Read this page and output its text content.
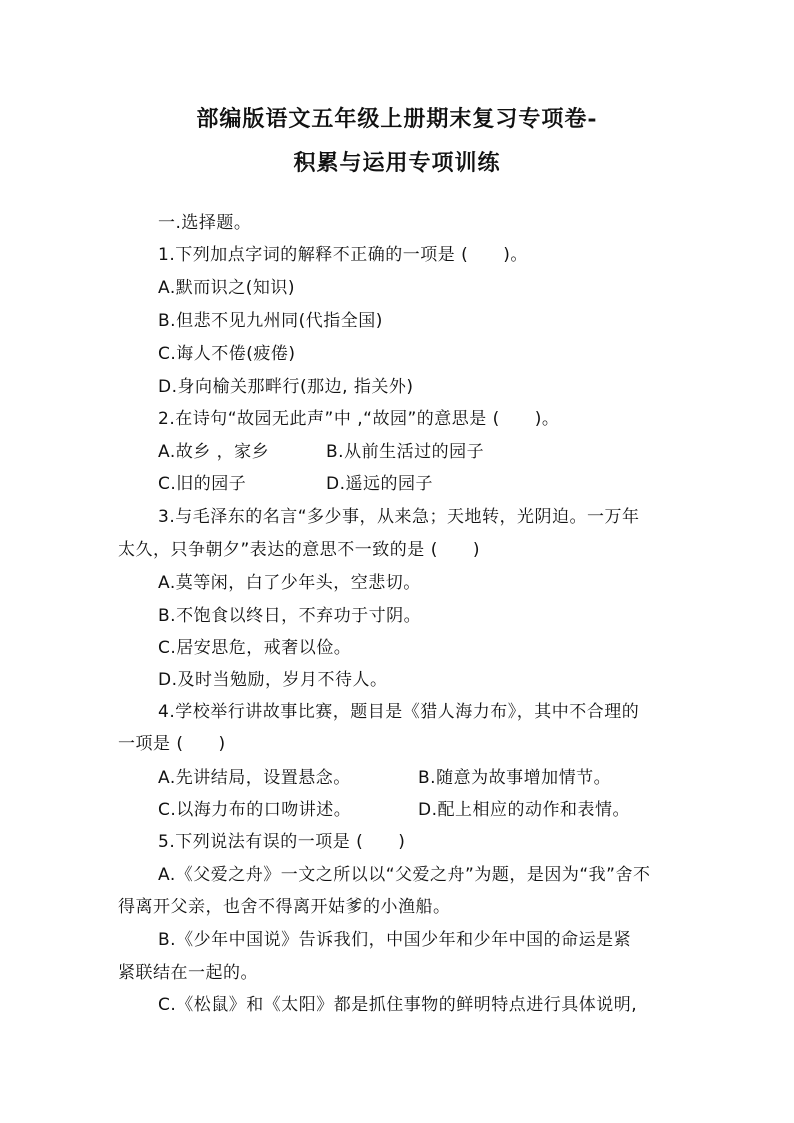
部编版语文五年级上册期末复习专项卷-
积累与运用专项训练
一.选择题。
1.下列加点字词的解释不正确的一项是 (　　)。
A.默而识之(知识)
B.但悲不见九州同(代指全国)
C.诲人不倦(疲倦)
D.身向榆关那畔行(那边, 指关外)
2.在诗句“故园无此声”中 ,“故园”的意思是 (　　)。
A.故乡 ，家乡	B.从前生活过的园子
C.旧的园子	D.遥远的园子
3.与毛泽东的名言“多少事，从来急；天地转，光阴迫。一万年
太久，只争朝夕”表达的意思不一致的是 (　　)
A.莫等闲，白了少年头，空悲切。
B.不饱食以终日，不弃功于寸阴。
C.居安思危，戒奢以俭。
D.及时当勉励，岁月不待人。
4.学校举行讲故事比赛，题目是《猎人海力布》，其中不合理的
一项是 (　　)
A.先讲结局，设置悬念。	B.随意为故事增加情节。
C.以海力布的口吻讲述。	D.配上相应的动作和表情。
5.下列说法有误的一项是 (　　)
A.《父爱之舟》一文之所以以“父爱之舟”为题，是因为“我”舍不
得离开父亲，也舍不得离开姑爹的小渔船。
B.《少年中国说》告诉我们，中国少年和少年中国的命运是紧
紧联结在一起的。
C.《松鼠》和《太阳》都是抓住事物的鲜明特点进行具体说明,
